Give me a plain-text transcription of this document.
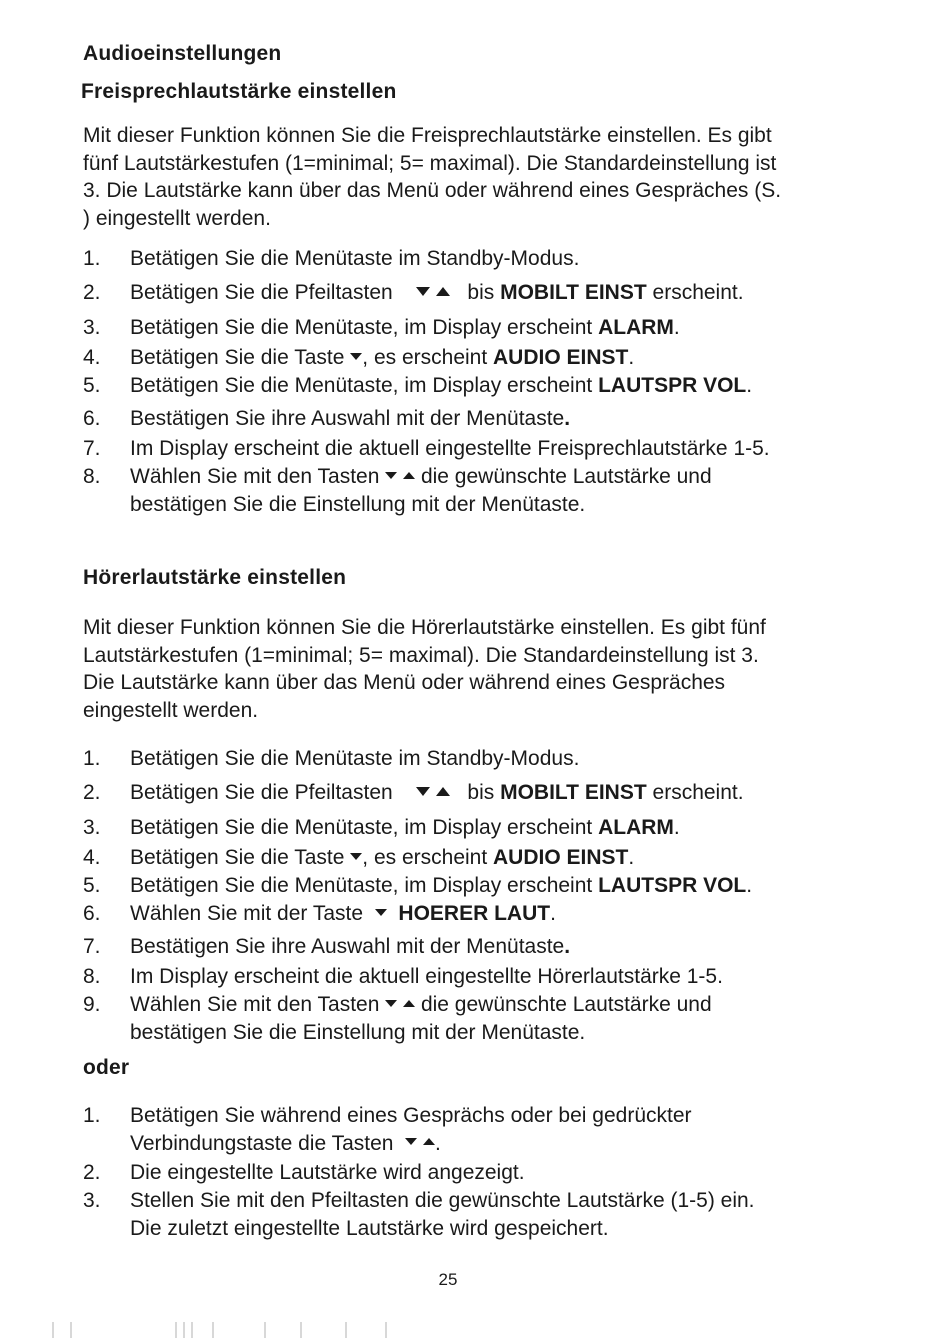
Audioeinstellungen
Freisprechlautstärke einstellen
Mit dieser Funktion können Sie die Freisprechlautstärke einstellen. Es gibt
fünf Lautstärkestufen (1=minimal; 5= maximal). Die Standardeinstellung ist
3. Die Lautstärke kann über das Menü oder während eines Gespräches (S.
) eingestellt werden.
1. Betätigen Sie die Menütaste im Standby-Modus.
2. Betätigen Sie die Pfeiltasten	bis MOBILT EINST erscheint.
3. Betätigen Sie die Menütaste, im Display erscheint ALARM.
4. Betätigen Sie die Taste , es erscheint AUDIO EINST.
5. Betätigen Sie die Menütaste, im Display erscheint LAUTSPR VOL.
6. Bestätigen Sie ihre Auswahl mit der Menütaste.
7. Im Display erscheint die aktuell eingestellte Freisprechlautstärke 1-5.
8. Wählen Sie mit den Tasten   die gewünschte Lautstärke und
bestätigen Sie die Einstellung mit der Menütaste.
Hörerlautstärke einstellen
Mit dieser Funktion können Sie die Hörerlautstärke einstellen. Es gibt fünf
Lautstärkestufen (1=minimal; 5= maximal). Die Standardeinstellung ist 3.
Die Lautstärke kann über das Menü oder während eines Gespräches
eingestellt werden.
1. Betätigen Sie die Menütaste im Standby-Modus.
2. Betätigen Sie die Pfeiltasten	bis MOBILT EINST erscheint.
3. Betätigen Sie die Menütaste, im Display erscheint ALARM.
4. Betätigen Sie die Taste , es erscheint AUDIO EINST.
5. Betätigen Sie die Menütaste, im Display erscheint LAUTSPR VOL.
6. Wählen Sie mit der Taste HOERER LAUT.
7. Bestätigen Sie ihre Auswahl mit der Menütaste.
8. Im Display erscheint die aktuell eingestellte Hörerlautstärke 1-5.
9. Wählen Sie mit den Tasten   die gewünschte Lautstärke und
bestätigen Sie die Einstellung mit der Menütaste.
oder
1. Betätigen Sie während eines Gesprächs oder bei gedrückter
Verbindungstaste die Tasten .
2. Die eingestellte Lautstärke wird angezeigt.
3. Stellen Sie mit den Pfeiltasten die gewünschte Lautstärke (1-5) ein.
Die zuletzt eingestellte Lautstärke wird gespeichert.
25
